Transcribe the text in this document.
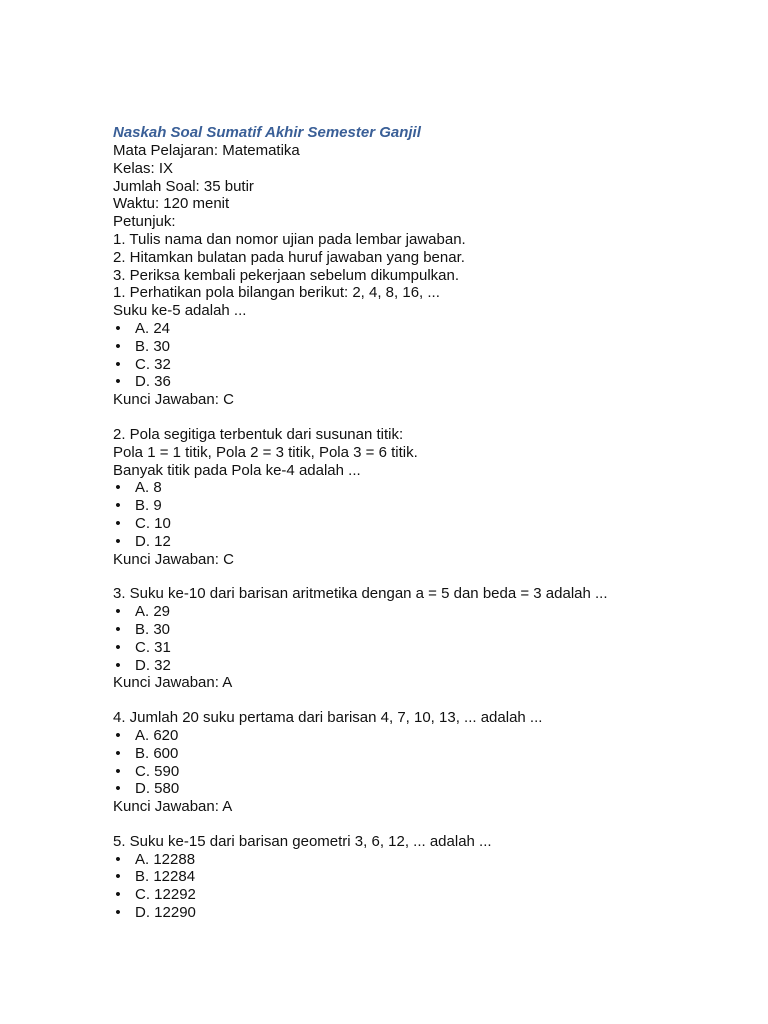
Naskah Soal Sumatif Akhir Semester Ganjil

Mata Pelajaran: Matematika

Kelas: IX

Jumlah Soal: 35 butir

Waktu: 120 menit

Petunjuk:

1. Tulis nama dan nomor ujian pada lembar jawaban.

2. Hitamkan bulatan pada huruf jawaban yang benar.

3. Periksa kembali pekerjaan sebelum dikumpulkan.

1. Perhatikan pola bilangan berikut: 2, 4, 8, 16, ...

Suku ke-5 adalah ...

• A. 24
• B. 30
• C. 32
• D. 36

Kunci Jawaban: C

2. Pola segitiga terbentuk dari susunan titik:

Pola 1 = 1 titik, Pola 2 = 3 titik, Pola 3 = 6 titik.

Banyak titik pada Pola ke-4 adalah ...

• A. 8
• B. 9
• C. 10
• D. 12

Kunci Jawaban: C

3. Suku ke-10 dari barisan aritmetika dengan a = 5 dan beda = 3 adalah ...

• A. 29
• B. 30
• C. 31
• D. 32

Kunci Jawaban: A

4. Jumlah 20 suku pertama dari barisan 4, 7, 10, 13, ... adalah ...

• A. 620
• B. 600
• C. 590
• D. 580

Kunci Jawaban: A

5. Suku ke-15 dari barisan geometri 3, 6, 12, ... adalah ...

• A. 12288
• B. 12284
• C. 12292
• D. 12290
